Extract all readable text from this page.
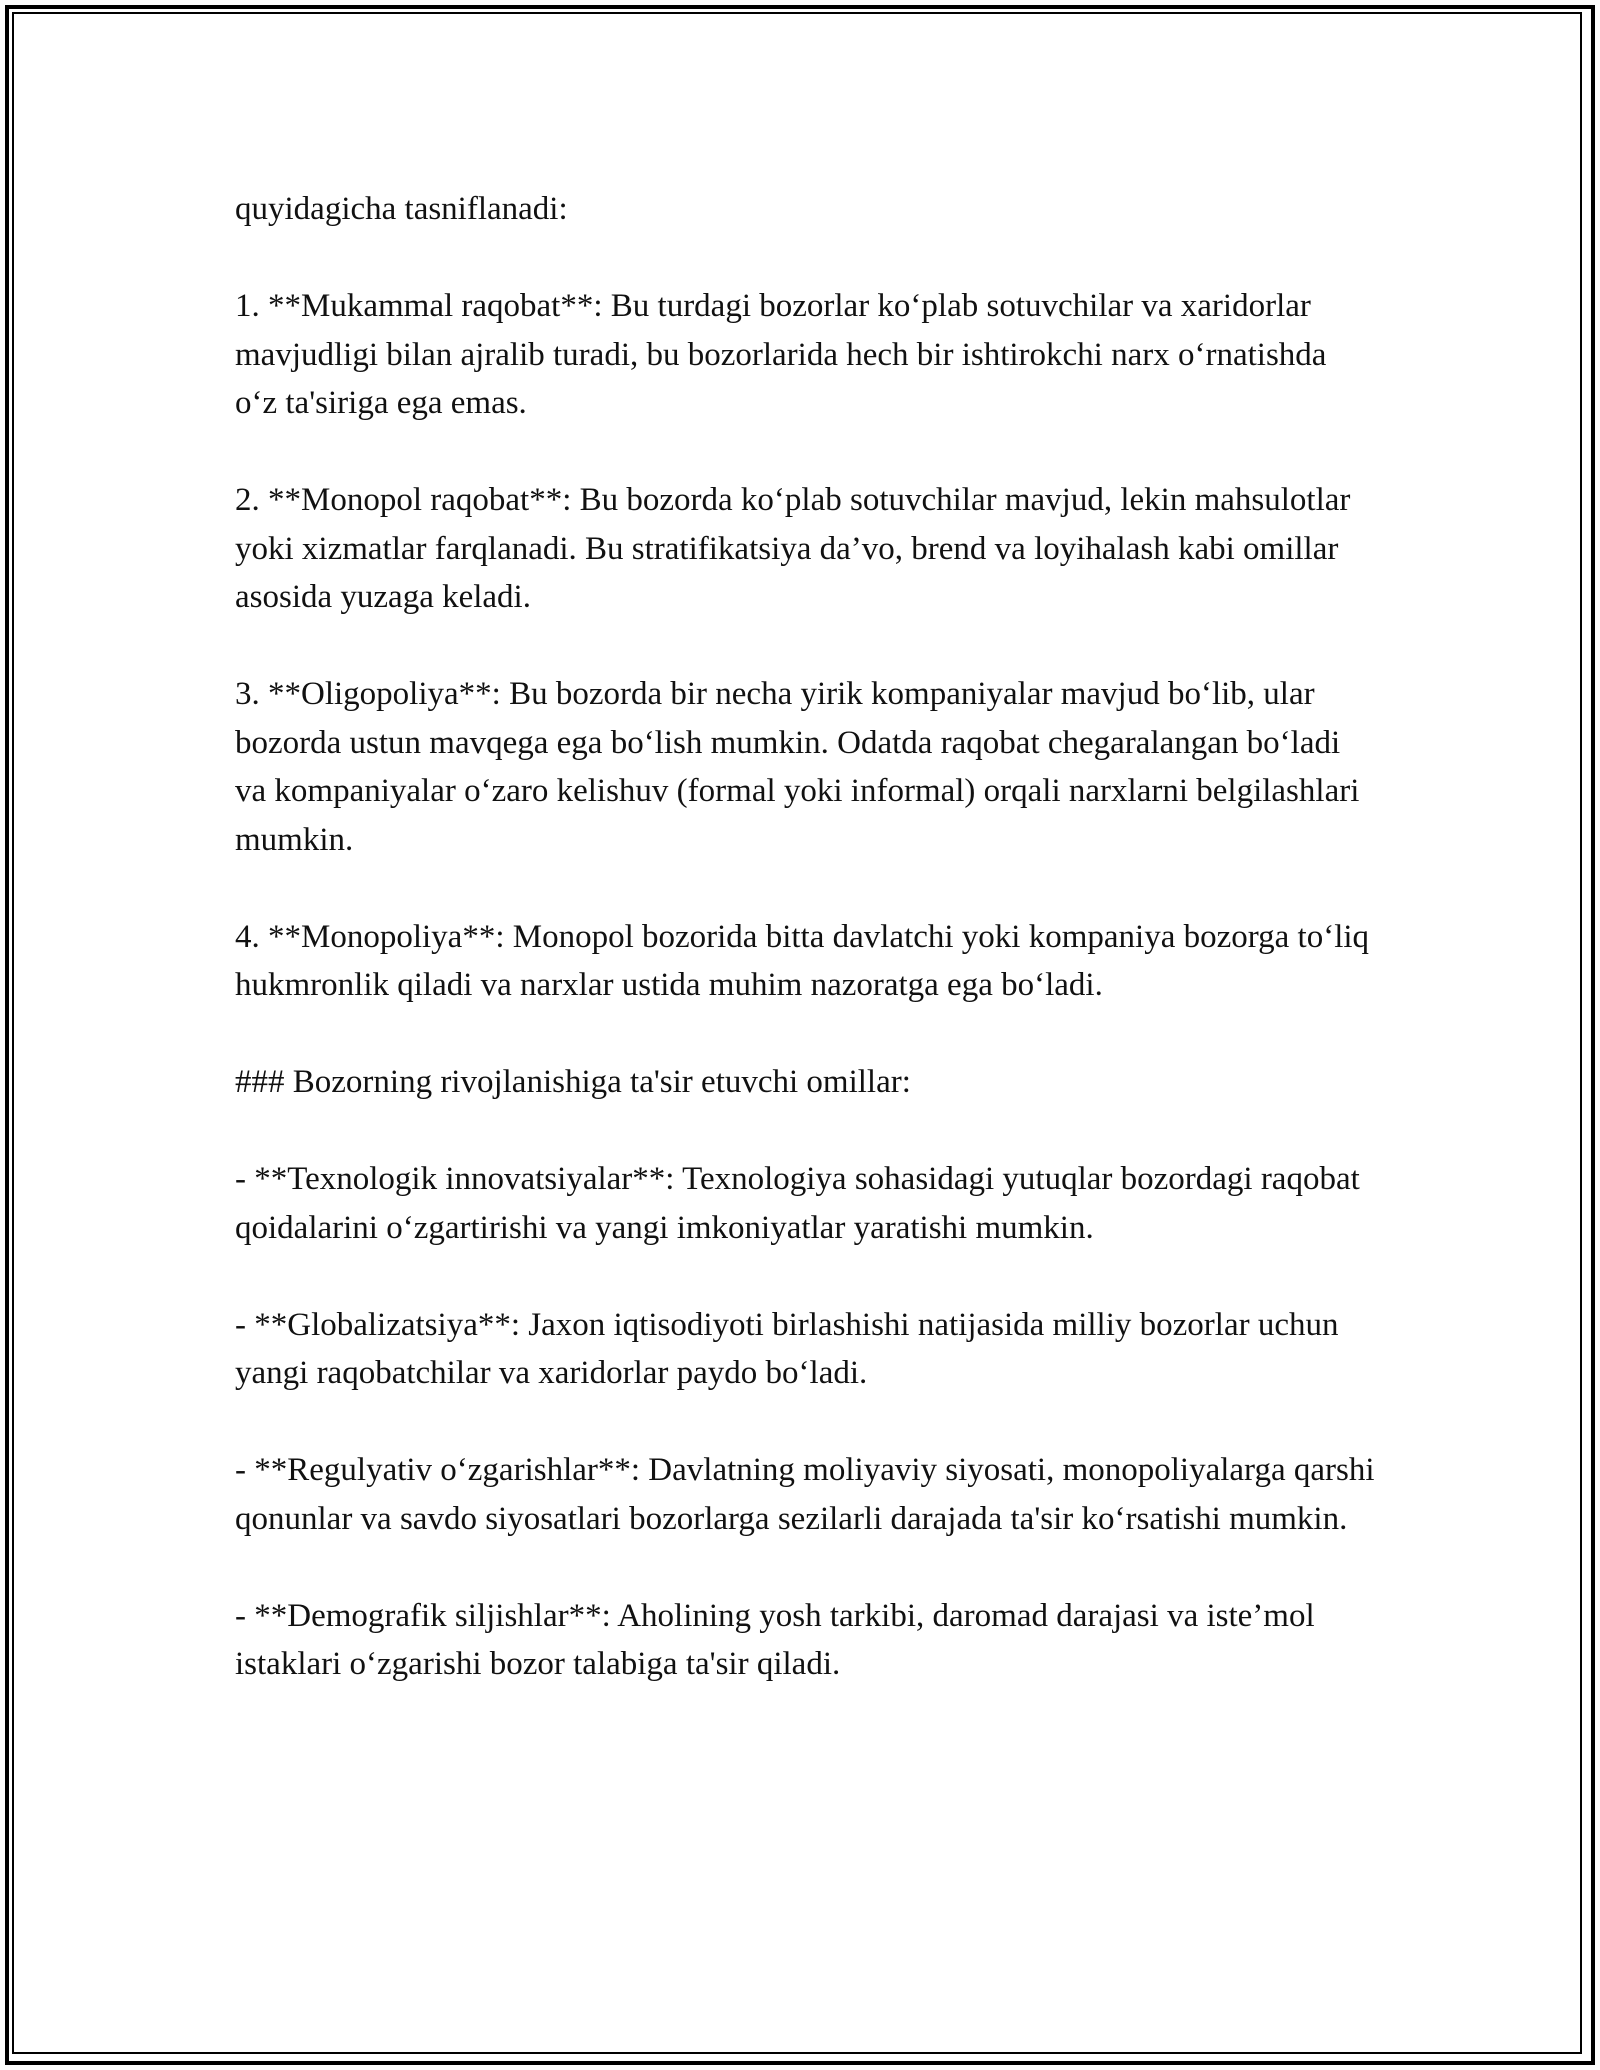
quyidagicha tasniflanadi:

1. **Mukammal raqobat**: Bu turdagi bozorlar ko‘plab sotuvchilar va xaridorlar mavjudligi bilan ajralib turadi, bu bozorlarida hech bir ishtirokchi narx o‘rnatishda o‘z ta'siriga ega emas.

2. **Monopol raqobat**: Bu bozorda ko‘plab sotuvchilar mavjud, lekin mahsulotlar yoki xizmatlar farqlanadi. Bu stratifikatsiya da’vo, brend va loyihalash kabi omillar asosida yuzaga keladi.

3. **Oligopoliya**: Bu bozorda bir necha yirik kompaniyalar mavjud bo‘lib, ular bozorda ustun mavqega ega bo‘lish mumkin. Odatda raqobat chegaralangan bo‘ladi va kompaniyalar o‘zaro kelishuv (formal yoki informal) orqali narxlarni belgilashlari mumkin.

4. **Monopoliya**: Monopol bozorida bitta davlatchi yoki kompaniya bozorga to‘liq hukmronlik qiladi va narxlar ustida muhim nazoratga ega bo‘ladi.

### Bozorning rivojlanishiga ta'sir etuvchi omillar:

- **Texnologik innovatsiyalar**: Texnologiya sohasidagi yutuqlar bozordagi raqobat qoidalarini o‘zgartirishi va yangi imkoniyatlar yaratishi mumkin.

- **Globalizatsiya**: Jaxon iqtisodiyoti birlashishi natijasida milliy bozorlar uchun yangi raqobatchilar va xaridorlar paydo bo‘ladi.

- **Regulyativ o‘zgarishlar**: Davlatning moliyaviy siyosati, monopoliyalarga qarshi qonunlar va savdo siyosatlari bozorlarga sezilarli darajada ta'sir ko‘rsatishi mumkin.

- **Demografik siljishlar**: Aholining yosh tarkibi, daromad darajasi va iste’mol istaklari o‘zgarishi bozor talabiga ta'sir qiladi.
